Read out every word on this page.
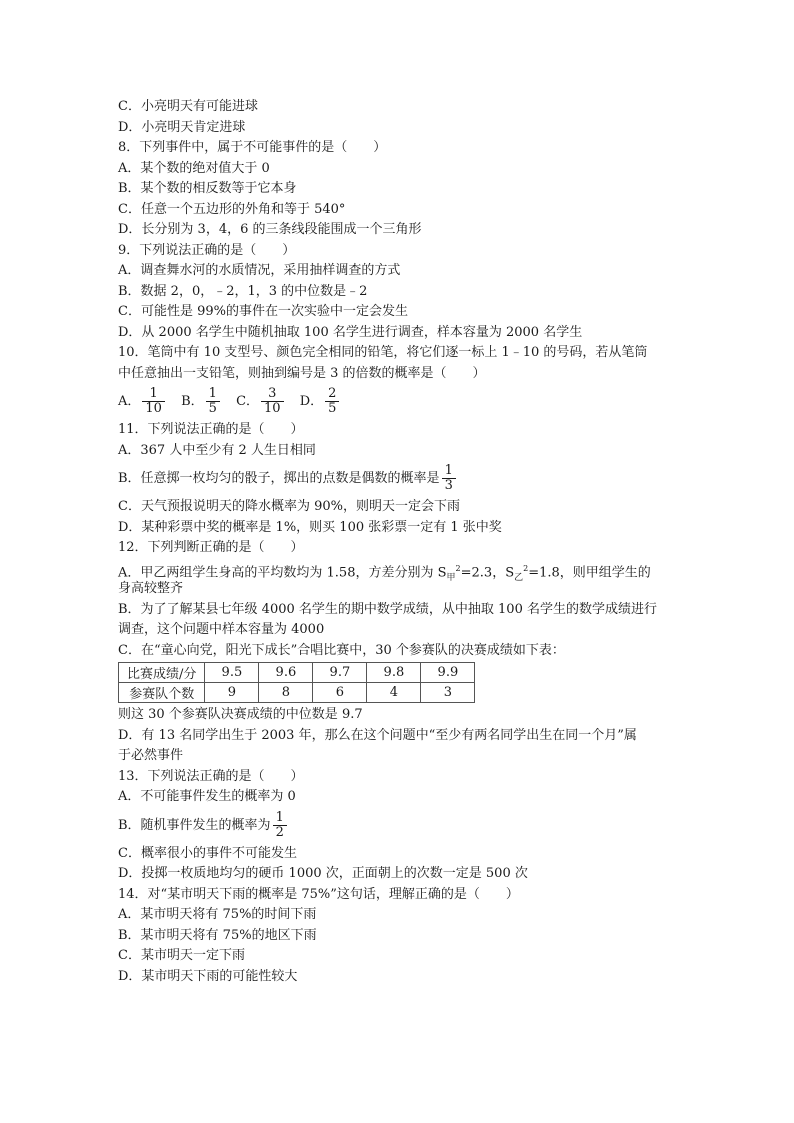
C．小亮明天有可能进球
D．小亮明天肯定进球
8．下列事件中，属于不可能事件的是（　　）
A．某个数的绝对值大于 0
B．某个数的相反数等于它本身
C．任意一个五边形的外角和等于 540°
D．长分别为 3，4，6 的三条线段能围成一个三角形
9．下列说法正确的是（　　）
A．调查舞水河的水质情况，采用抽样调查的方式
B．数据 2，0，﹣2，1，3 的中位数是﹣2
C．可能性是 99%的事件在一次实验中一定会发生
D．从 2000 名学生中随机抽取 100 名学生进行调查，样本容量为 2000 名学生
10．笔筒中有 10 支型号、颜色完全相同的铅笔，将它们逐一标上 1﹣10 的号码，若从笔筒
中任意抽出一支铅笔，则抽到编号是 3 的倍数的概率是（　　）
A． $\frac{1}{10}$ B． $\frac{1}{5}$ C． $\frac{3}{10}$ D． $\frac{2}{5}$
11．下列说法正确的是（　　）
A．367 人中至少有 2 人生日相同
B．任意掷一枚均匀的骰子，掷出的点数是偶数的概率是 $\frac{1}{3}$
C．天气预报说明天的降水概率为 90%，则明天一定会下雨
D．某种彩票中奖的概率是 1%，则买 100 张彩票一定有 1 张中奖
12．下列判断正确的是（　　）
A．甲乙两组学生身高的平均数均为 1.58，方差分别为 $S_甲^2=2.3$，$S_乙^2=1.8$，则甲组学生的
身高较整齐
B．为了了解某县七年级 4000 名学生的期中数学成绩，从中抽取 100 名学生的数学成绩进行
调查，这个问题中样本容量为 4000
C．在“童心向党，阳光下成长”合唱比赛中，30 个参赛队的决赛成绩如下表：
比赛成绩/分	9.5	9.6	9.7	9.8	9.9
参赛队个数	9	8	6	4	3
则这 30 个参赛队决赛成绩的中位数是 9.7
D．有 13 名同学出生于 2003 年，那么在这个问题中“至少有两名同学出生在同一个月”属
于必然事件
13．下列说法正确的是（　　）
A．不可能事件发生的概率为 0
B．随机事件发生的概率为 $\frac{1}{2}$
C．概率很小的事件不可能发生
D．投掷一枚质地均匀的硬币 1000 次，正面朝上的次数一定是 500 次
14．对“某市明天下雨的概率是 75%”这句话，理解正确的是（　　）
A．某市明天将有 75%的时间下雨
B．某市明天将有 75%的地区下雨
C．某市明天一定下雨
D．某市明天下雨的可能性较大
